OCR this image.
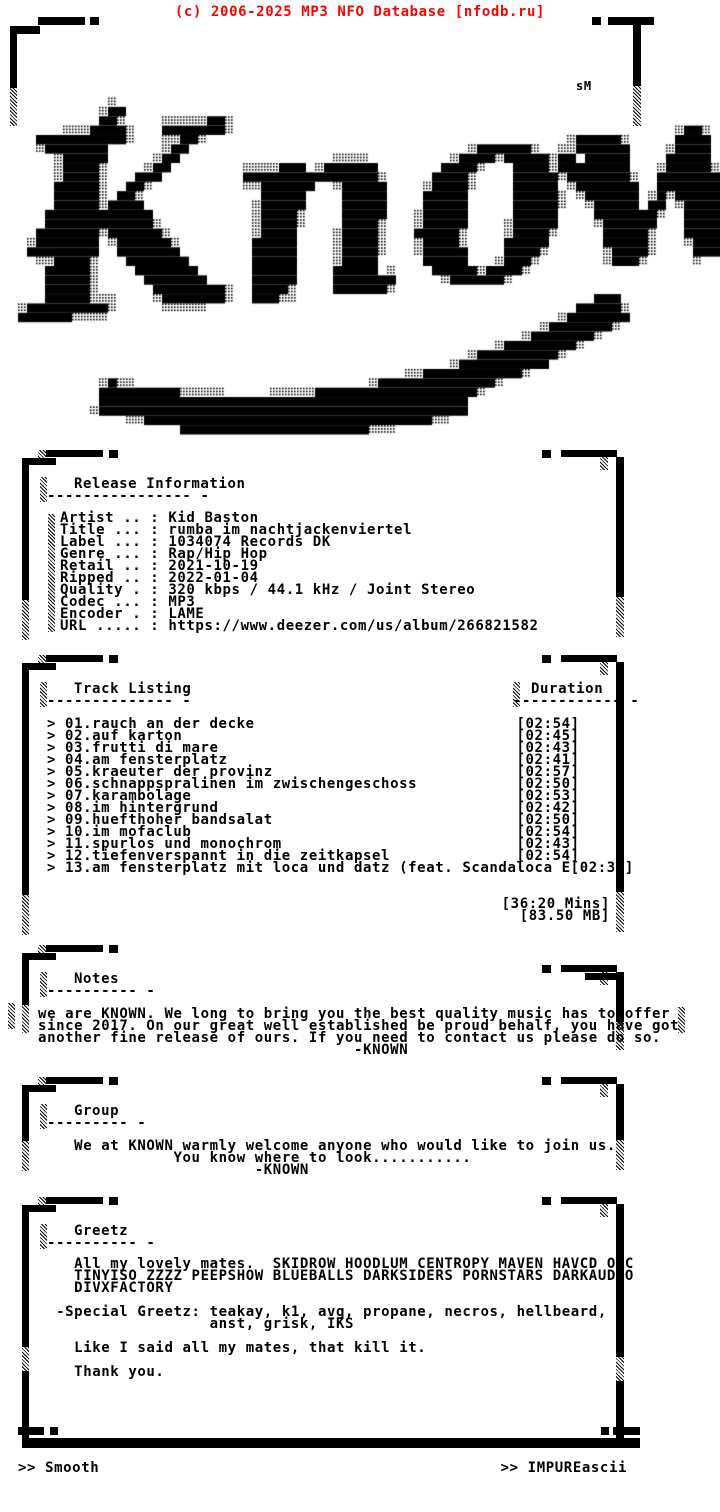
(c) 2006-2025 MP3 NFO Database [nfodb.ru]
sM
Release Information
---------------- -
Artist .. : Kid Baston
Title ... : rumba im nachtjackenviertel
Label ... : 1034074 Records DK
Genre ... : Rap/Hip Hop
Retail .. : 2021-10-19
Ripped .. : 2022-01-04
Quality . : 320 kbps / 44.1 kHz / Joint Stereo
Codec ... : MP3
Encoder . : LAME
URL ..... : https://www.deezer.com/us/album/266821582
Track Listing
-------------- -
Duration
------------ -
> 01.rauch an der decke                             [02:54]
> 02.auf karton                                     [02:45]
> 03.frutti di mare                                 [02:43]
> 04.am fensterplatz                                [02:41]
> 05.kraeuter der provinz                           [02:57]
> 06.schnappspralinen im zwischengeschoss           [02:50]
> 07.karambolage                                    [02:53]
> 08.im hintergrund                                 [02:42]
> 09.huefthoher bandsalat                           [02:50]
> 10.im mofaclub                                    [02:54]
> 11.spurlos und monochrom                          [02:43]
> 12.tiefenverspannt in die zeitkapsel              [02:54]
> 13.am fensterplatz mit loca und datz (feat. Scandaloca E[02:34]
[36:20 Mins]
[83.50 MB]
Notes
---------- -
we are KNOWN. We long to bring you the best quality music has to offer
since 2017. On our great well established be proud behalf, you have got
another fine release of ours. If you need to contact us please do so.
-KNOWN
Group
--------- -
We at KNOWN warmly welcome anyone who would like to join us.
You know where to look...........
-KNOWN
Greetz
---------- -
All my lovely mates.  SKIDROW HOODLUM CENTROPY MAVEN HAVCD ORC
TINYISO ZZZZ PEEPSHOW BLUEBALLS DARKSIDERS PORNSTARS DARKAUDIO
DIVXFACTORY

-Special Greetz: teakay, k1, avg, propane, necros, hellbeard,
anst, grisk, IKS

Like I said all my mates, that kill it.

Thank you.
>> Smooth	>> IMPUREascii
